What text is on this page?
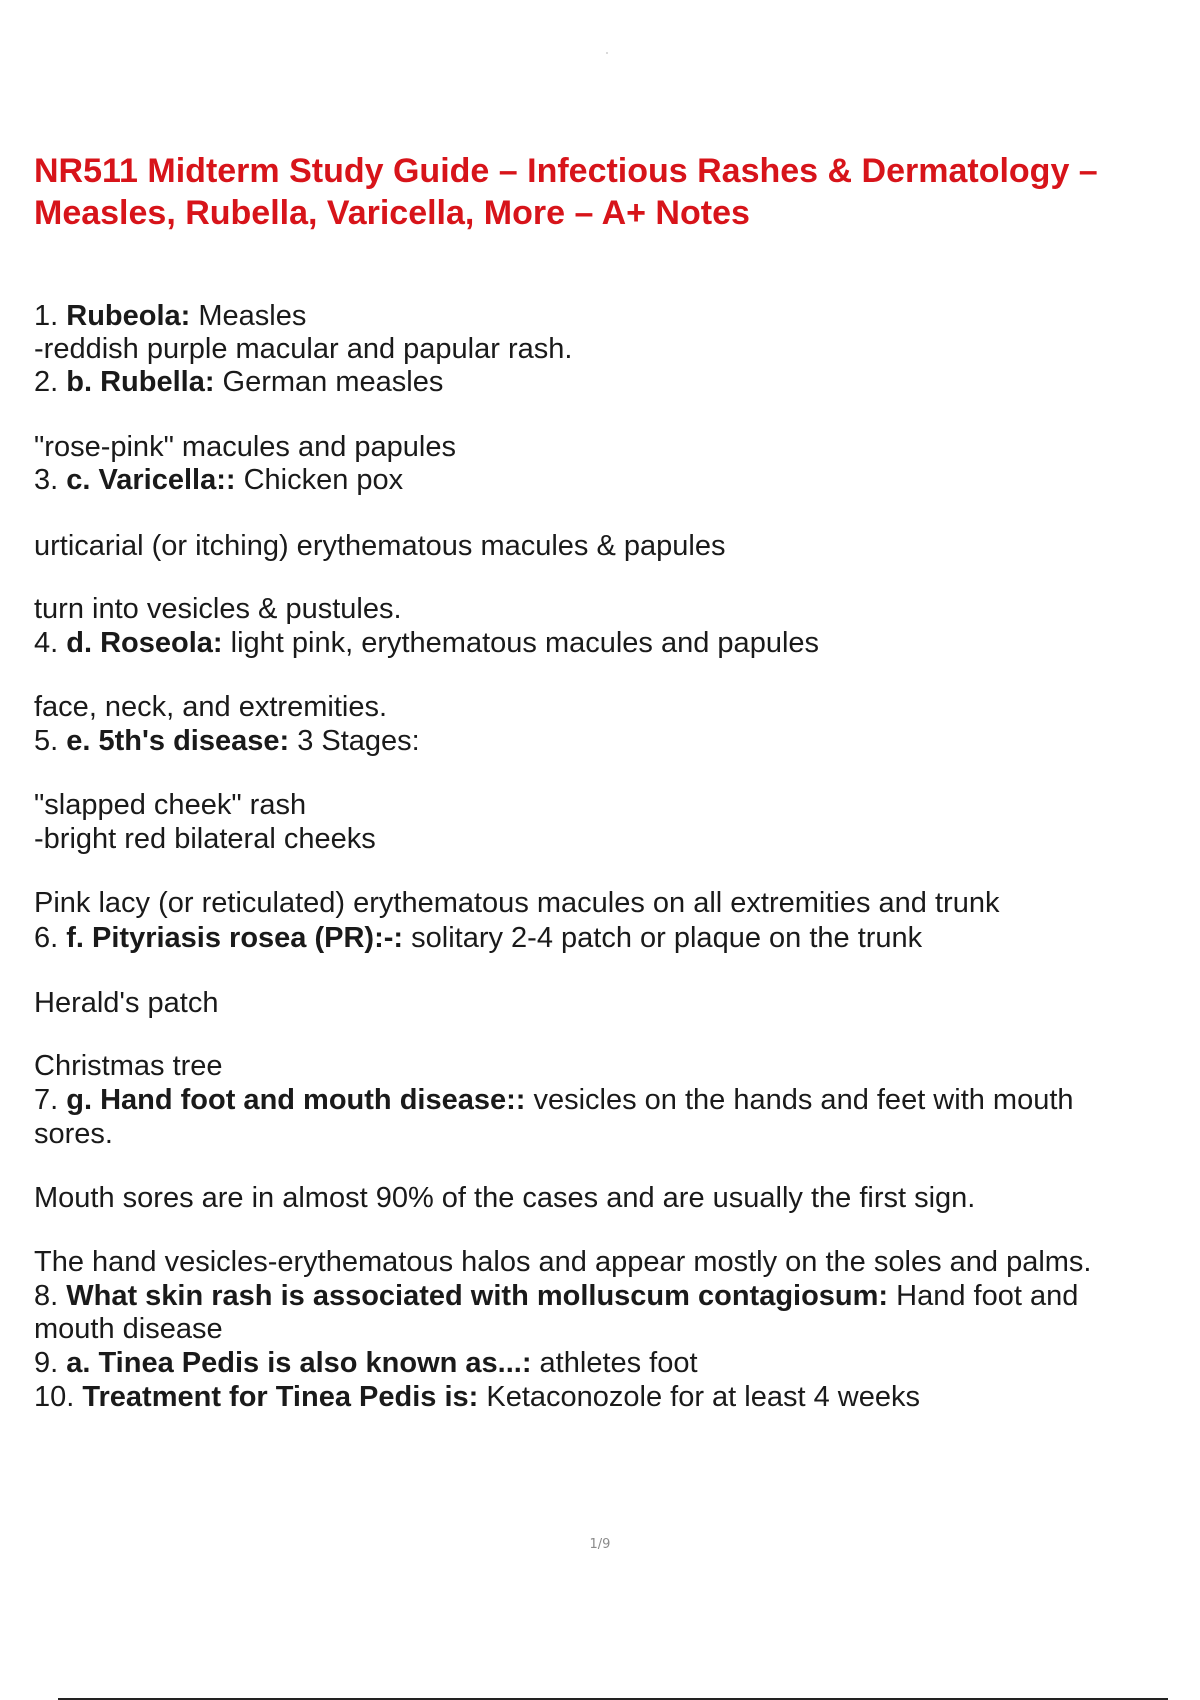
NR511 Midterm Study Guide – Infectious Rashes & Dermatology – Measles, Rubella, Varicella, More – A+ Notes
1. Rubeola: Measles
-reddish purple macular and papular rash.
2. b. Rubella: German measles
"rose-pink" macules and papules
3. c. Varicella:: Chicken pox
urticarial (or itching) erythematous macules & papules
turn into vesicles & pustules.
4. d. Roseola: light pink, erythematous macules and papules
face, neck, and extremities.
5. e. 5th's disease: 3 Stages:
"slapped cheek" rash
-bright red bilateral cheeks
Pink lacy (or reticulated) erythematous macules on all extremities and trunk
6. f. Pityriasis rosea (PR):-: solitary 2-4 patch or plaque on the trunk
Herald's patch
Christmas tree
7. g. Hand foot and mouth disease:: vesicles on the hands and feet with mouth
sores.
Mouth sores are in almost 90% of the cases and are usually the first sign.
The hand vesicles-erythematous halos and appear mostly on the soles and palms.
8. What skin rash is associated with molluscum contagiosum: Hand foot and
mouth disease
9. a. Tinea Pedis is also known as...: athletes foot
10. Treatment for Tinea Pedis is: Ketaconozole for at least 4 weeks
1/9
